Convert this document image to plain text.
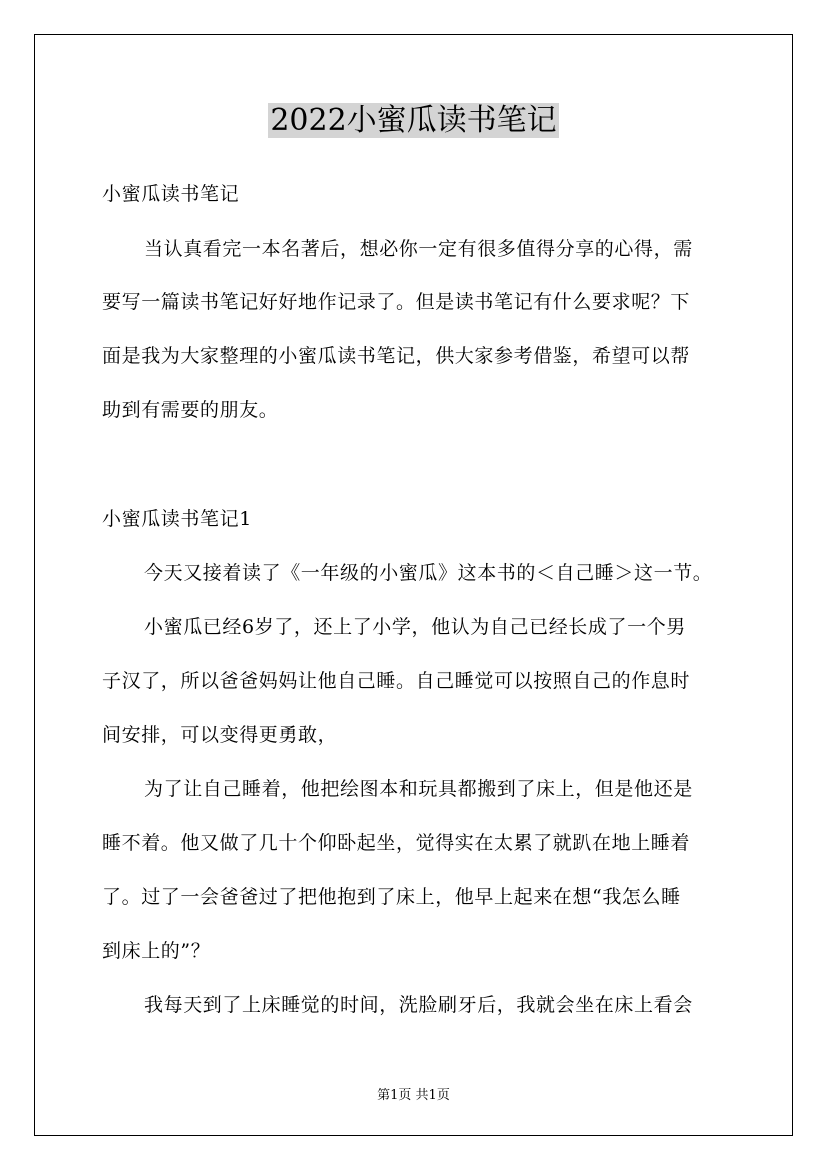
2022小蜜瓜读书笔记
小蜜瓜读书笔记
当认真看完一本名著后，想必你一定有很多值得分享的心得，需
要写一篇读书笔记好好地作记录了。但是读书笔记有什么要求呢？下
面是我为大家整理的小蜜瓜读书笔记，供大家参考借鉴，希望可以帮
助到有需要的朋友。
小蜜瓜读书笔记1
今天又接着读了《一年级的小蜜瓜》这本书的＜自己睡＞这一节。
小蜜瓜已经6岁了，还上了小学，他认为自己已经长成了一个男
子汉了，所以爸爸妈妈让他自己睡。自己睡觉可以按照自己的作息时
间安排，可以变得更勇敢，
为了让自己睡着，他把绘图本和玩具都搬到了床上，但是他还是
睡不着。他又做了几十个仰卧起坐，觉得实在太累了就趴在地上睡着
了。过了一会爸爸过了把他抱到了床上，他早上起来在想“我怎么睡
到床上的”？
我每天到了上床睡觉的时间，洗脸刷牙后，我就会坐在床上看会
第1页 共1页
